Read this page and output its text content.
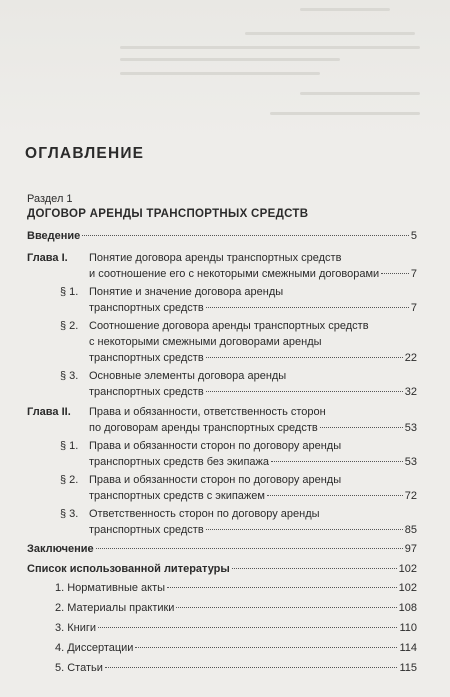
ОГЛАВЛЕНИЕ
Раздел 1
ДОГОВОР АРЕНДЫ ТРАНСПОРТНЫХ СРЕДСТВ
Введение	5
Глава I. Понятие договора аренды транспортных средств
и соотношение его с некоторыми смежными договорами	7
§ 1. Понятие и значение договора аренды
транспортных средств	7
§ 2. Соотношение договора аренды транспортных средств
с некоторыми смежными договорами аренды
транспортных средств	22
§ 3. Основные элементы договора аренды
транспортных средств	32
Глава II. Права и обязанности, ответственность сторон
по договорам аренды транспортных средств	53
§ 1. Права и обязанности сторон по договору аренды
транспортных средств без экипажа	53
§ 2. Права и обязанности сторон по договору аренды
транспортных средств с экипажем	72
§ 3. Ответственность сторон по договору аренды
транспортных средств	85
Заключение	97
Список использованной литературы	102
1. Нормативные акты	102
2. Материалы практики	108
3. Книги	110
4. Диссертации	114
5. Статьи	115
